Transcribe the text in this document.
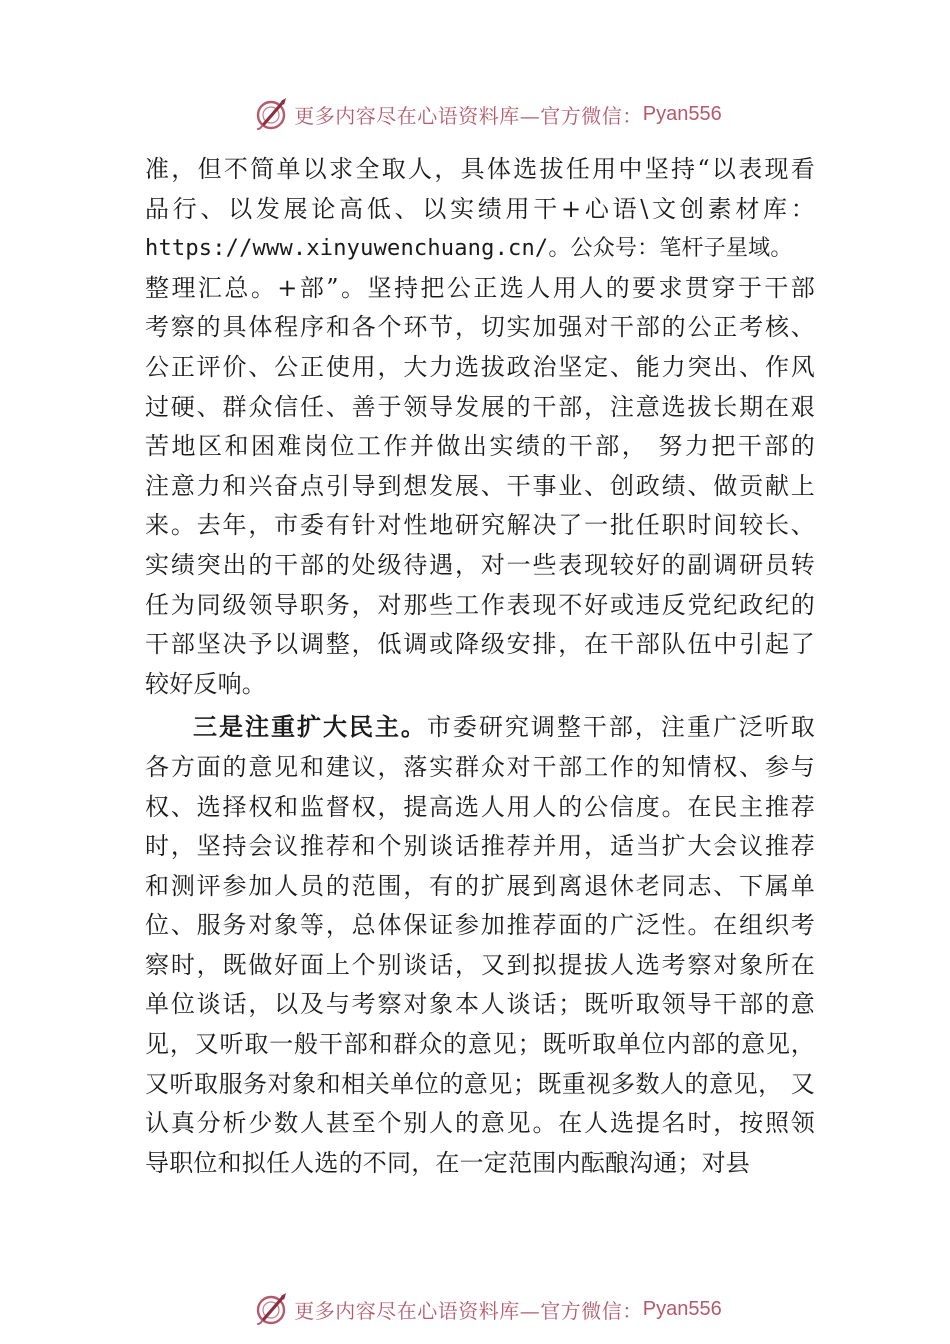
更多内容尽在心语资料库—官方微信： Pyan556
准，但不简单以求全取人，具体选拔任用中坚持“以表现看
品行、以发展论高低、以实绩用干+心语\文创素材库：
https://www.xinyuwenchuang.cn/。公众号：笔杆子星域。
整理汇总。+部”。坚持把公正选人用人的要求贯穿于干部
考察的具体程序和各个环节，切实加强对干部的公正考核、
公正评价、公正使用，大力选拔政治坚定、能力突出、作风
过硬、群众信任、善于领导发展的干部，注意选拔长期在艰
苦地区和困难岗位工作并做出实绩的干部， 努力把干部的
注意力和兴奋点引导到想发展、干事业、创政绩、做贡献上
来。去年，市委有针对性地研究解决了一批任职时间较长、
实绩突出的干部的处级待遇，对一些表现较好的副调研员转
任为同级领导职务，对那些工作表现不好或违反党纪政纪的
干部坚决予以调整，低调或降级安排，在干部队伍中引起了
较好反响。
三是注重扩大民主。市委研究调整干部，注重广泛听取
各方面的意见和建议，落实群众对干部工作的知情权、参与
权、选择权和监督权，提高选人用人的公信度。在民主推荐
时，坚持会议推荐和个别谈话推荐并用，适当扩大会议推荐
和测评参加人员的范围，有的扩展到离退休老同志、下属单
位、服务对象等，总体保证参加推荐面的广泛性。在组织考
察时，既做好面上个别谈话，又到拟提拔人选考察对象所在
单位谈话，以及与考察对象本人谈话；既听取领导干部的意
见，又听取一般干部和群众的意见；既听取单位内部的意见，
又听取服务对象和相关单位的意见；既重视多数人的意见， 又
认真分析少数人甚至个别人的意见。在人选提名时，按照领
导职位和拟任人选的不同，在一定范围内酝酿沟通；对县
更多内容尽在心语资料库—官方微信： Pyan556
